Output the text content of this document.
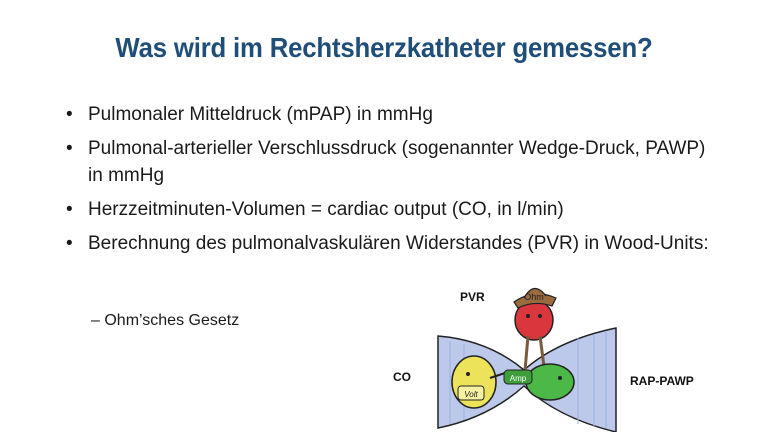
Was wird im Rechtsherzkatheter gemessen?
• Pulmonaler Mitteldruck (mPAP) in mmHg
• Pulmonal-arterieller Verschlussdruck (sogenannter Wedge-Druck, PAWP) in mmHg
• Herzzeitminuten-Volumen = cardiac output (CO, in l/min)
• Berechnung des pulmonalvaskulären Widerstandes (PVR) in Wood-Units:
– Ohm’sches Gesetz
PVR
CO	RAP-PAWP
Ohm
Volt
Amp
